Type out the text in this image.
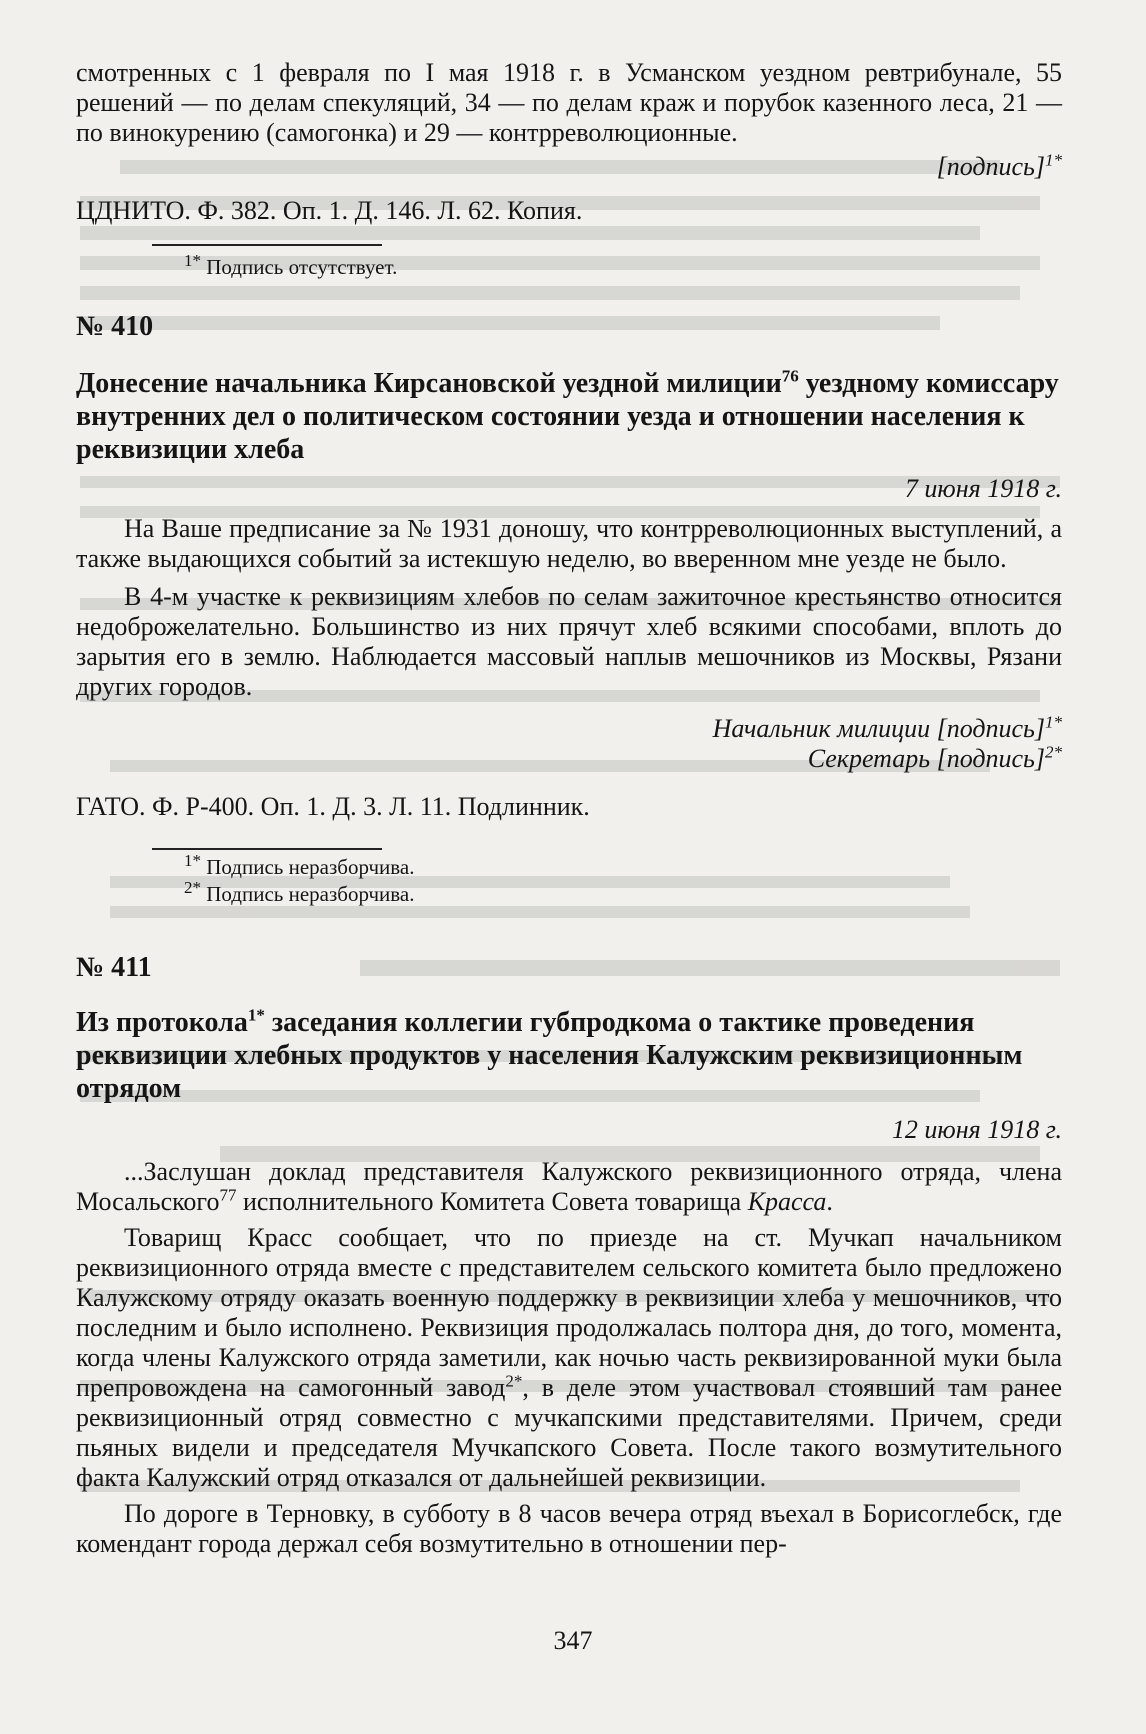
смотренных с 1 февраля по I мая 1918 г. в Усманском уездном ревтрибунале, 55 решений — по делам спекуляций, 34 — по делам краж и порубок казенного леса, 21 — по винокурению (самогонка) и 29 — контрреволюционные.

[подпись]$^{1*}$

ЦДНИТО. Ф. 382. Оп. 1. Д. 146. Л. 62. Копия.

$^{1*}$ Подпись отсутствует.

№ 410

Донесение начальника Кирсановской уездной милиции$^{76}$ уездному комиссару внутренних дел о политическом состоянии уезда и отношении населения к реквизиции хлеба

7 июня 1918 г.

На Ваше предписание за № 1931 доношу, что контрреволюционных выступлений, а также выдающихся событий за истекшую неделю, во вверенном мне уезде не было.

В 4-м участке к реквизициям хлебов по селам зажиточное крестьянство относится недоброжелательно. Большинство из них прячут хлеб всякими способами, вплоть до зарытия его в землю. Наблюдается массовый наплыв мешочников из Москвы, Рязани других городов.

Начальник милиции [подпись]$^{1*}$

Секретарь [подпись]$^{2*}$

ГАТО. Ф. Р-400. Оп. 1. Д. 3. Л. 11. Подлинник.

$^{1*}$ Подпись неразборчива.

$^{2*}$ Подпись неразборчива.

№ 411

Из протокола$^{1*}$ заседания коллегии губпродкома о тактике проведения реквизиции хлебных продуктов у населения Калужским реквизиционным отрядом

12 июня 1918 г.

...Заслушан доклад представителя Калужского реквизиционного отряда, члена Мосальского$^{77}$ исполнительного Комитета Совета товарища Красса.

Товарищ Красс сообщает, что по приезде на ст. Мучкап начальником реквизиционного отряда вместе с представителем сельского комитета было предложено Калужскому отряду оказать военную поддержку в реквизиции хлеба у мешочников, что последним и было исполнено. Реквизиция продолжалась полтора дня, до того, момента, когда члены Калужского отряда заметили, как ночью часть реквизированной муки была препровождена на самогонный завод$^{2*}$, в деле этом участвовал стоявший там ранее реквизиционный отряд совместно с мучкапскими представителями. Причем, среди пьяных видели и председателя Мучкапского Совета. После такого возмутительного факта Калужский отряд отказался от дальнейшей реквизиции.

По дороге в Терновку, в субботу в 8 часов вечера отряд въехал в Борисоглебск, где комендант города держал себя возмутительно в отношении пер-

347
